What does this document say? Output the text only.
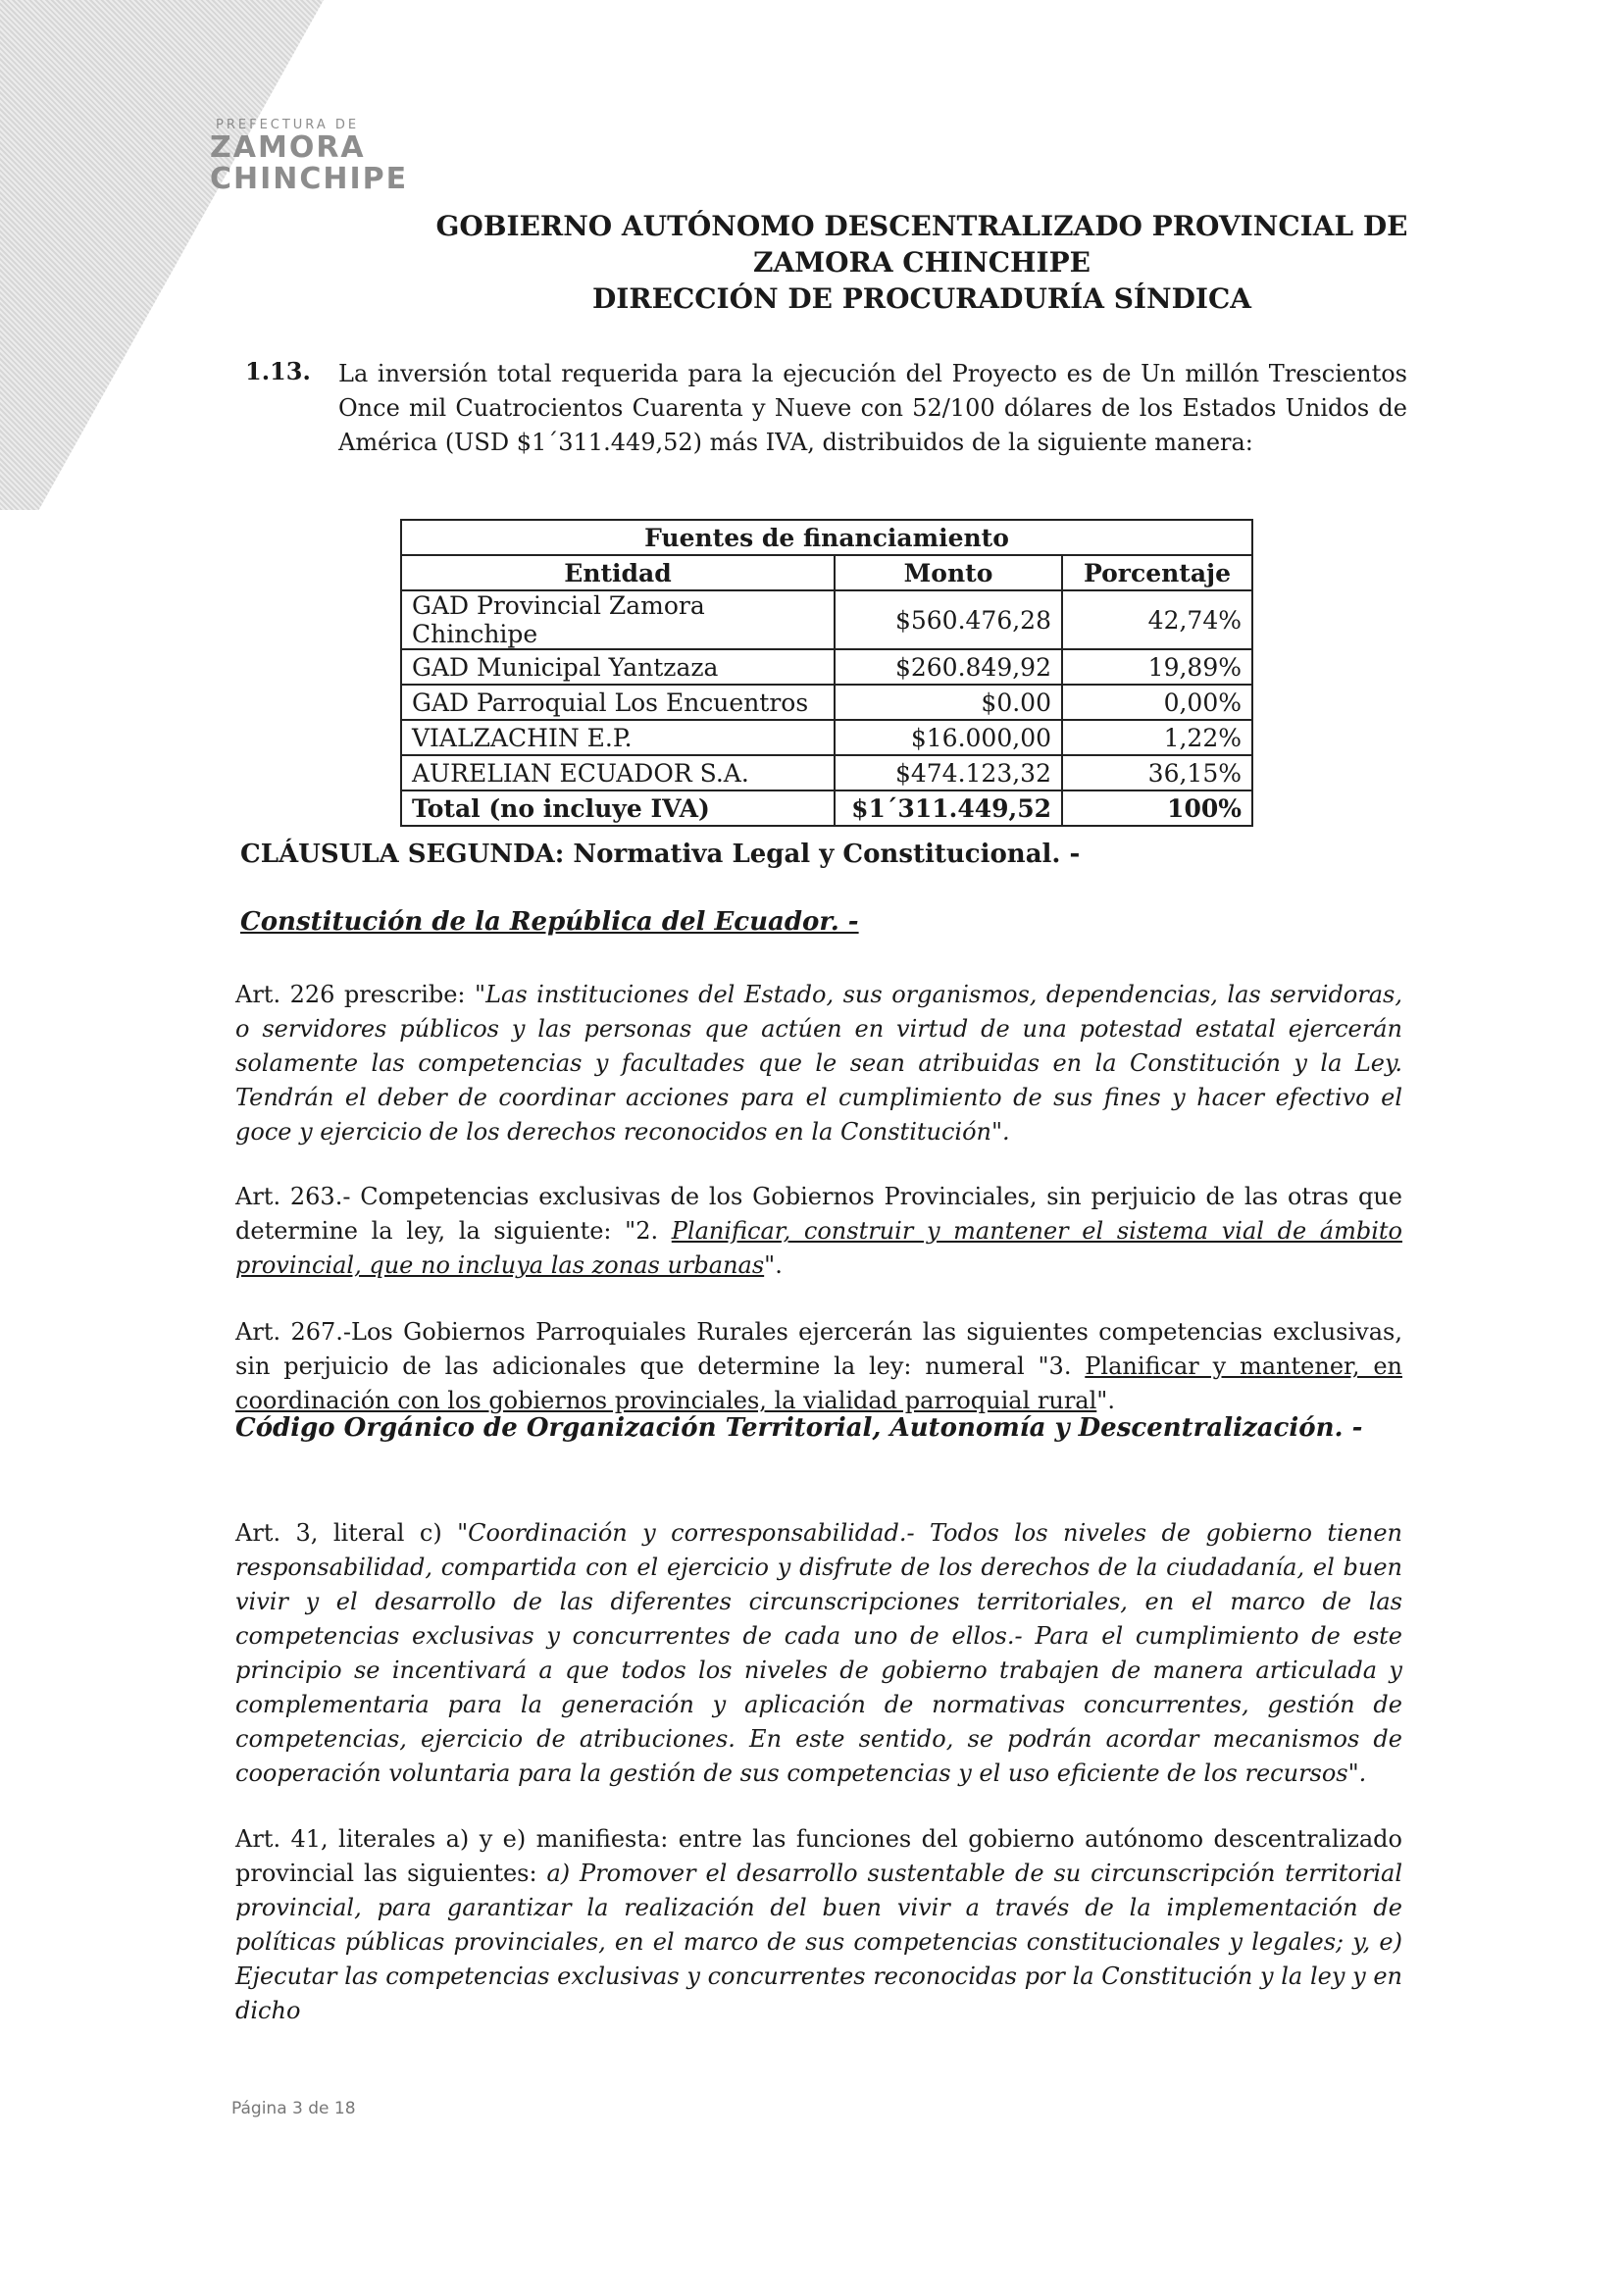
PREFECTURA DE
ZAMORA
CHINCHIPE
GOBIERNO AUTÓNOMO DESCENTRALIZADO PROVINCIAL DE
ZAMORA CHINCHIPE
DIRECCIÓN DE PROCURADURÍA SÍNDICA
1.13. La inversión total requerida para la ejecución del Proyecto es de Un millón Trescientos Once mil Cuatrocientos Cuarenta y Nueve con 52/100 dólares de los Estados Unidos de América (USD $1´311.449,52) más IVA, distribuidos de la siguiente manera:
Fuentes de financiamiento		
Entidad	Monto	Porcentaje
GAD Provincial Zamora Chinchipe	$560.476,28	42,74%
GAD Municipal Yantzaza	$260.849,92	19,89%
GAD Parroquial Los Encuentros	$0.00	0,00%
VIALZACHIN E.P.	$16.000,00	1,22%
AURELIAN ECUADOR S.A.	$474.123,32	36,15%
Total (no incluye IVA)	$1´311.449,52	100%
CLÁUSULA SEGUNDA: Normativa Legal y Constitucional. -
Constitución de la República del Ecuador. -
Art. 226 prescribe: "Las instituciones del Estado, sus organismos, dependencias, las servidoras, o servidores públicos y las personas que actúen en virtud de una potestad estatal ejercerán solamente las competencias y facultades que le sean atribuidas en la Constitución y la Ley. Tendrán el deber de coordinar acciones para el cumplimiento de sus fines y hacer efectivo el goce y ejercicio de los derechos reconocidos en la Constitución".
Art. 263.- Competencias exclusivas de los Gobiernos Provinciales, sin perjuicio de las otras que determine la ley, la siguiente: "2. Planificar, construir y mantener el sistema vial de ámbito provincial, que no incluya las zonas urbanas".
Art. 267.-Los Gobiernos Parroquiales Rurales ejercerán las siguientes competencias exclusivas, sin perjuicio de las adicionales que determine la ley: numeral "3. Planificar y mantener, en coordinación con los gobiernos provinciales, la vialidad parroquial rural".
Código Orgánico de Organización Territorial, Autonomía y Descentralización. -
Art. 3, literal c) "Coordinación y corresponsabilidad.- Todos los niveles de gobierno tienen responsabilidad, compartida con el ejercicio y disfrute de los derechos de la ciudadanía, el buen vivir y el desarrollo de las diferentes circunscripciones territoriales, en el marco de las competencias exclusivas y concurrentes de cada uno de ellos.- Para el cumplimiento de este principio se incentivará a que todos los niveles de gobierno trabajen de manera articulada y complementaria para la generación y aplicación de normativas concurrentes, gestión de competencias, ejercicio de atribuciones. En este sentido, se podrán acordar mecanismos de cooperación voluntaria para la gestión de sus competencias y el uso eficiente de los recursos".
Art. 41, literales a) y e) manifiesta: entre las funciones del gobierno autónomo descentralizado provincial las siguientes: a) Promover el desarrollo sustentable de su circunscripción territorial provincial, para garantizar la realización del buen vivir a través de la implementación de políticas públicas provinciales, en el marco de sus competencias constitucionales y legales; y, e) Ejecutar las competencias exclusivas y concurrentes reconocidas por la Constitución y la ley y en dicho
Página 3 de 18
